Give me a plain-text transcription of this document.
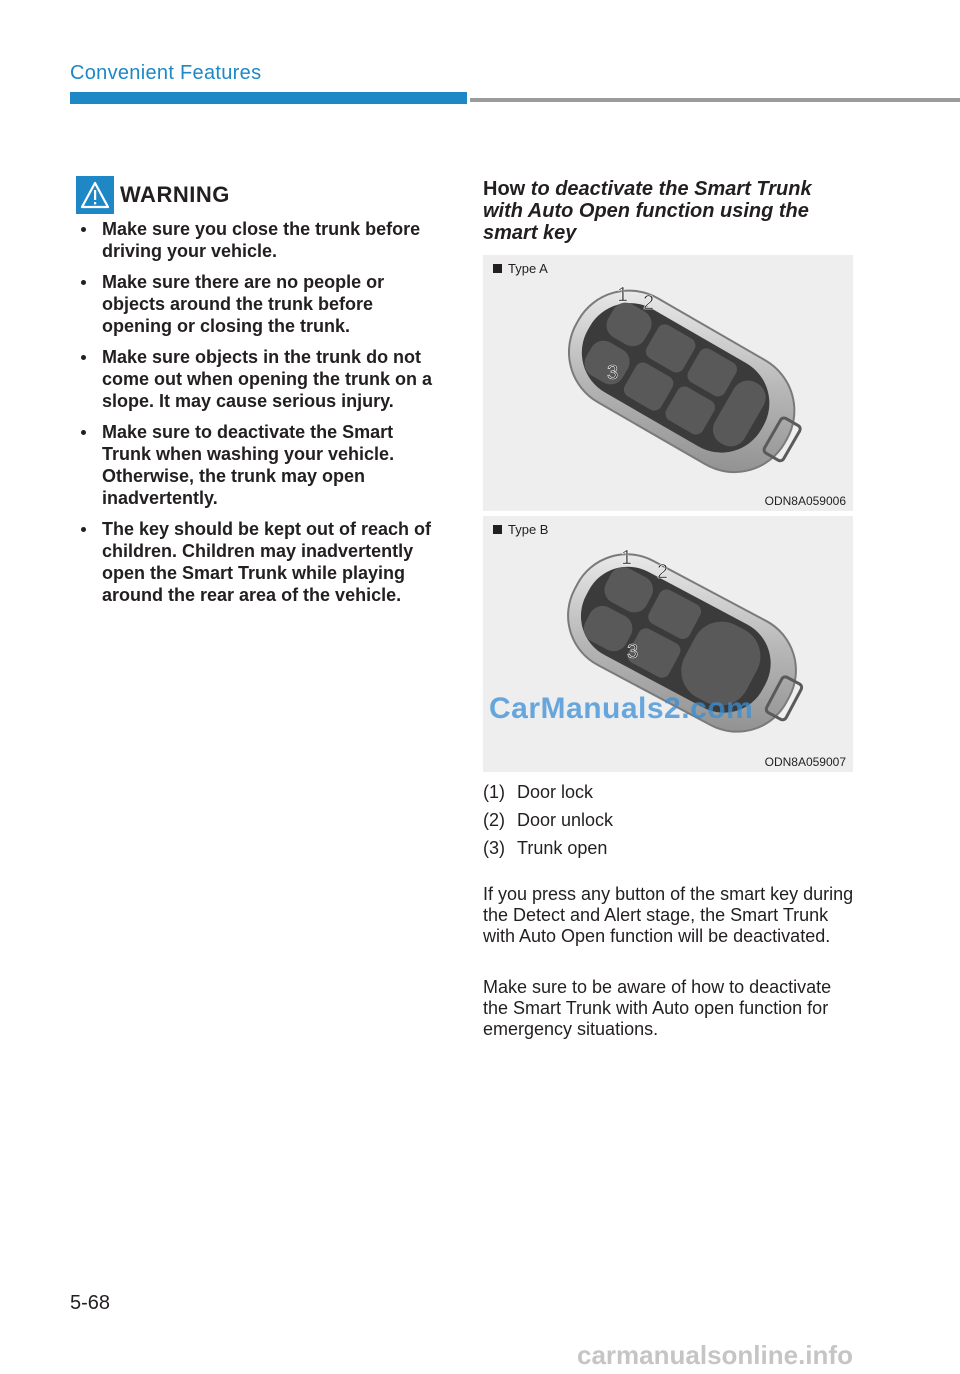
Convenient Features
WARNING
Make sure you close the trunk before driving your vehicle.
Make sure there are no people or objects around the trunk before opening or closing the trunk.
Make sure objects in the trunk do not come out when opening the trunk on a slope. It may cause serious injury.
Make sure to deactivate the Smart Trunk when washing your vehicle. Otherwise, the trunk may open inadvertently.
The key should be kept out of reach of children. Children may inadvertently open the Smart Trunk while playing around the rear area of the vehicle.
How to deactivate the Smart Trunk with Auto Open function using the smart key
Type A
1 2
3
ODN8A059006
Type B
1
2
3
CarManuals2.com
ODN8A059007
(1) Door lock
(2) Door unlock
(3) Trunk open

If you press any button of the smart key during the Detect and Alert stage, the Smart Trunk with Auto Open function will be deactivated.

Make sure to be aware of how to deactivate the Smart Trunk with Auto open function for emergency situations.

5-68
carmanualsonline.info
